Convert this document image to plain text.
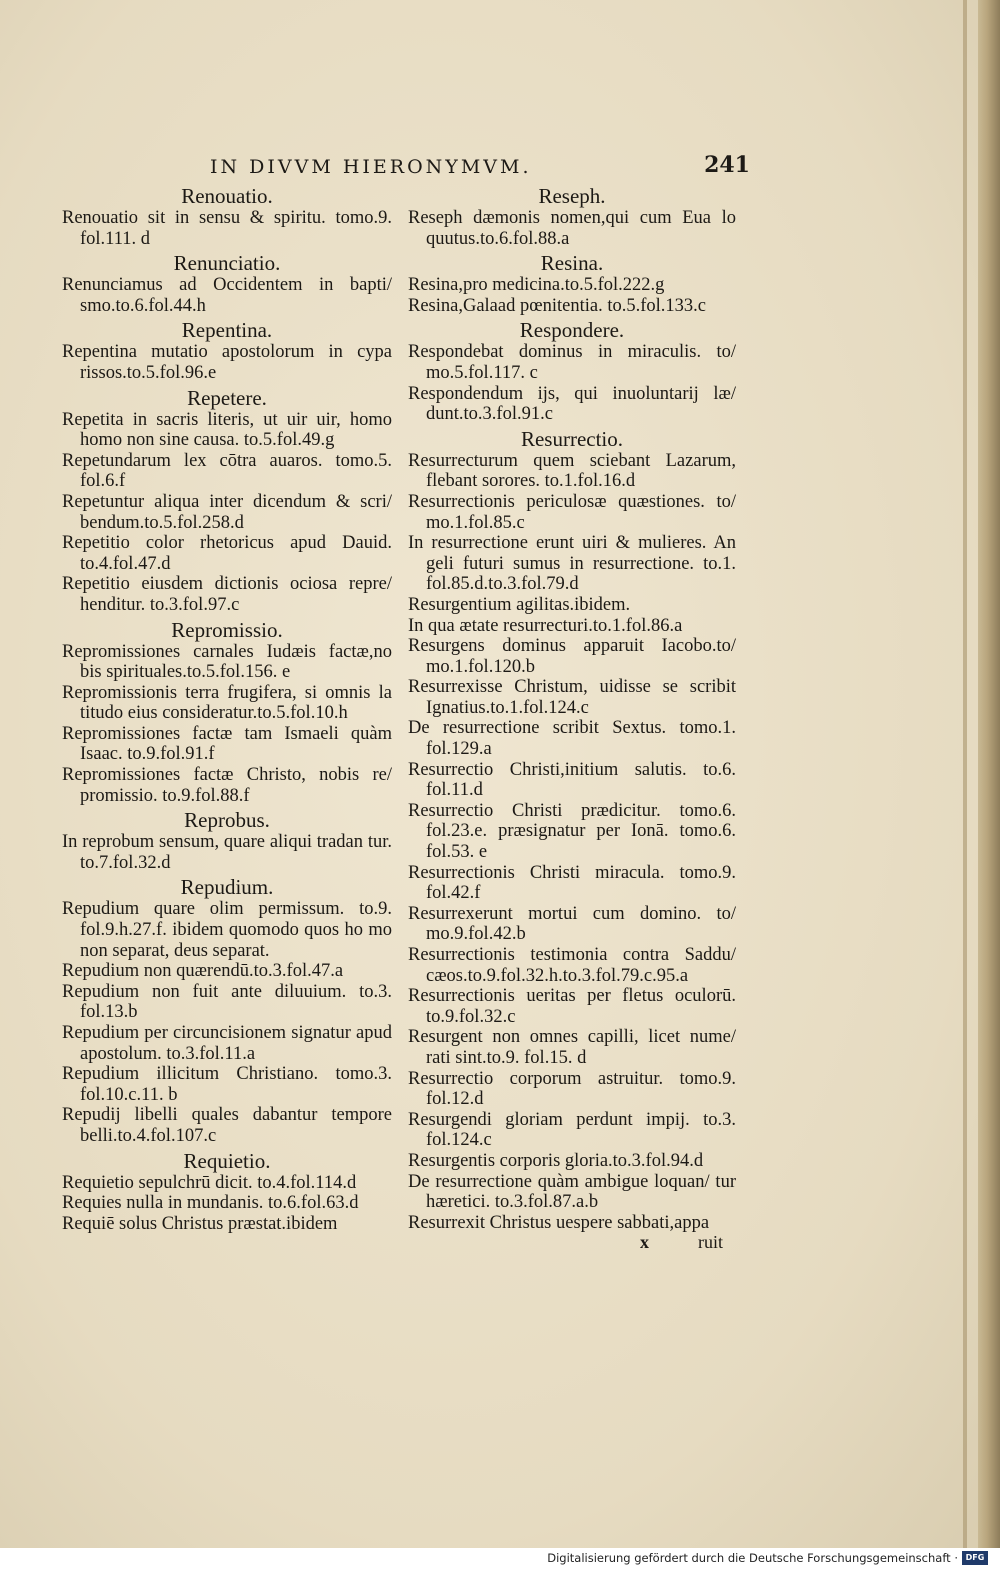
IN DIVVM HIERONYMVM.	241
Renouatio.

Renouatio sit in sensu & spiritu. tomo.9. fol.111. d

Renunciatio.

Renunciamus ad Occidentem in bapti/ smo.to.6.fol.44.h

Repentina.

Repentina mutatio apostolorum in cypa rissos.to.5.fol.96.e

Repetere.

Repetita in sacris literis, ut uir uir, homo homo non sine causa. to.5.fol.49.g

Repetundarum lex cōtra auaros. tomo.5. fol.6.f

Repetuntur aliqua inter dicendum & scri/ bendum.to.5.fol.258.d

Repetitio color rhetoricus apud Dauid. to.4.fol.47.d

Repetitio eiusdem dictionis ociosa repre/ henditur. to.3.fol.97.c

Repromissio.

Repromissiones carnales Iudæis factæ,no bis spirituales.to.5.fol.156. e

Repromissionis terra frugifera, si omnis la titudo eius consideratur.to.5.fol.10.h

Repromissiones factæ tam Ismaeli quàm Isaac. to.9.fol.91.f

Repromissiones factæ Christo, nobis re/ promissio. to.9.fol.88.f

Reprobus.

In reprobum sensum, quare aliqui tradan tur. to.7.fol.32.d

Repudium.

Repudium quare olim permissum. to.9. fol.9.h.27.f. ibidem quomodo quos ho mo non separat, deus separat.

Repudium non quærendū.to.3.fol.47.a

Repudium non fuit ante diluuium. to.3. fol.13.b

Repudium per circuncisionem signatur apud apostolum. to.3.fol.11.a

Repudium illicitum Christiano. tomo.3. fol.10.c.11. b

Repudij libelli quales dabantur tempore belli.to.4.fol.107.c

Requietio.

Requietio sepulchrū dicit. to.4.fol.114.d

Requies nulla in mundanis. to.6.fol.63.d

Requiē solus Christus præstat.ibidem

Reseph.

Reseph dæmonis nomen,qui cum Eua lo quutus.to.6.fol.88.a

Resina.

Resina,pro medicina.to.5.fol.222.g

Resina,Galaad pœnitentia. to.5.fol.133.c

Respondere.

Respondebat dominus in miraculis. to/ mo.5.fol.117. c

Respondendum ijs, qui inuoluntarij læ/ dunt.to.3.fol.91.c

Resurrectio.

Resurrecturum quem sciebant Lazarum, flebant sorores. to.1.fol.16.d

Resurrectionis periculosæ quæstiones. to/ mo.1.fol.85.c

In resurrectione erunt uiri & mulieres. An geli futuri sumus in resurrectione. to.1. fol.85.d.to.3.fol.79.d

Resurgentium agilitas.ibidem.

In qua ætate resurrecturi.to.1.fol.86.a

Resurgens dominus apparuit Iacobo.to/ mo.1.fol.120.b

Resurrexisse Christum, uidisse se scribit Ignatius.to.1.fol.124.c

De resurrectione scribit Sextus. tomo.1. fol.129.a

Resurrectio Christi,initium salutis. to.6. fol.11.d

Resurrectio Christi prædicitur. tomo.6. fol.23.e. præsignatur per Ionā. tomo.6. fol.53. e

Resurrectionis Christi miracula. tomo.9. fol.42.f

Resurrexerunt mortui cum domino. to/ mo.9.fol.42.b

Resurrectionis testimonia contra Saddu/ cæos.to.9.fol.32.h.to.3.fol.79.c.95.a

Resurrectionis ueritas per fletus oculorū. to.9.fol.32.c

Resurgent non omnes capilli, licet nume/ rati sint.to.9. fol.15. d

Resurrectio corporum astruitur. tomo.9. fol.12.d

Resurgendi gloriam perdunt impij. to.3. fol.124.c

Resurgentis corporis gloria.to.3.fol.94.d

De resurrectione quàm ambigue loquan/ tur hæretici. to.3.fol.87.a.b

Resurrexit Christus uespere sabbati,appa

x	ruit
Digitalisierung gefördert durch die Deutsche Forschungsgemeinschaft · DFG
